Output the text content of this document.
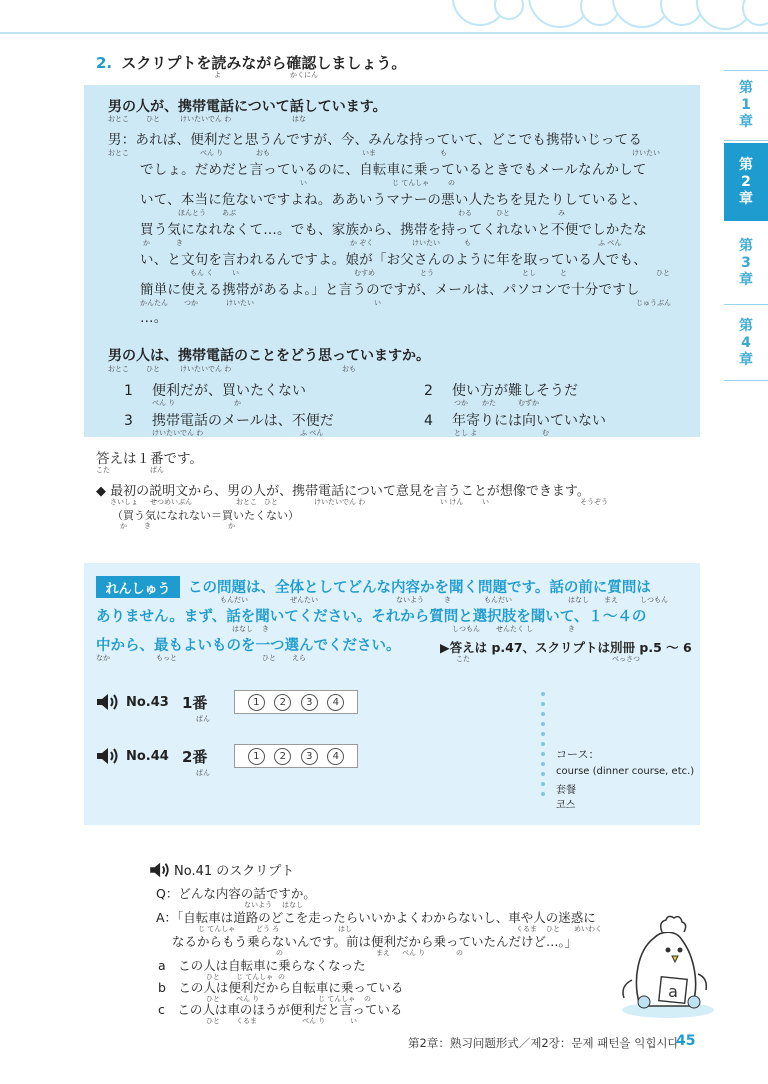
第
1
章
第
2
章
第
3
章
第
4
章
2. スクリプトを読みながら確認しましょう。
よ	かくにん
男の人が、携帯電話について話しています。
おとこ ひと	けいたいでん わ	はな
男：あれば、便利だと思うんですが、今、みんな持っていて、どこでも携帯いじってる
おとこ	べん り	おも	いま	も	けいたい
でしょ。だめだと言っているのに、自転車に乗っているときでもメールなんかして
い	じ てんしゃ	の
いて、本当に危ないですよね。ああいうマナーの悪い人たちを見たりしていると、
ほんとう あぶ	わる	ひと	み
買う気になれなくて…。でも、家族から、携帯を持ってくれないと不便でしかたな
か	き	か ぞく	けいたい	も	ふ べん
い、と文句を言われるんですよ。娘が「お父さんのように年を取っている人でも、
もん く	い	むすめ	とう	とし	と	ひと
簡単に使える携帯があるよ。」と言うのですが、メールは、パソコンで十分ですし
かんたん つか	けいたい	い	じゅうぶん
…。
男の人は、携帯電話のことをどう思っていますか。
おとこ ひと	けいたいでん わ	おも
1 便利だが、買いたくない
べん り	か
2 使い方が難しそうだ
つか かた	むずか
3 携帯電話のメールは、不便だ
けいたいでん わ	ふ べん
4 年寄りには向いていない
とし よ	む
答えは１番です。
こた	ばん
◆ 最初の説明文から、男の人が、携帯電話について意見を言うことが想像できます。
さいしょ せつめいぶん	おとこ ひと	けいたいでん わ	い けん	い	そうぞう
（買う気になれない＝買いたくない）
か き	か
れんしゅう	この問題は、全体としてどんな内容かを聞く問題です。話の前に質問は
もんだい	ぜんたい	ないよう	き	もんだい	はなし まえ	しつもん
ありません。まず、話を聞いてください。それから質問と選択肢を聞いて、１～４の
はなし き	しつもん せんたく し	き
中から、最もよいものを一つ選んでください。
なか	もっと	ひと えら
▶答えは p.47、スクリプトは別冊 p.5 ～ 6
こた	べっさつ
No.43 1番	1	2	3	4
ばん
No.44 2番	1	2	3	4
ばん
コース：
course (dinner course, etc.)
套餐
코스
No.41 のスクリプト
Q：どんな内容の話ですか。
ないよう はなし
A：「自転車は道路のどこを走ったらいいかよくわからないし、車や人の迷惑に
じ てんしゃ	どう ろ	はし	くるま ひと めいわく
なるからもう乗らないんです。前は便利だから乗っていたんだけど…。」
の	まえ べん り	の
a　この人は自転車に乗らなくなった
ひと じ てんしゃ の
b　この人は便利だから自転車に乗っている
ひと べん り	じ てんしゃ の
c　この人は車のほうが便利だと言っている
ひと くるま	べん り	い
a
第2章：熟习问题形式／제2장：문제 패턴을 익힙시다
45
